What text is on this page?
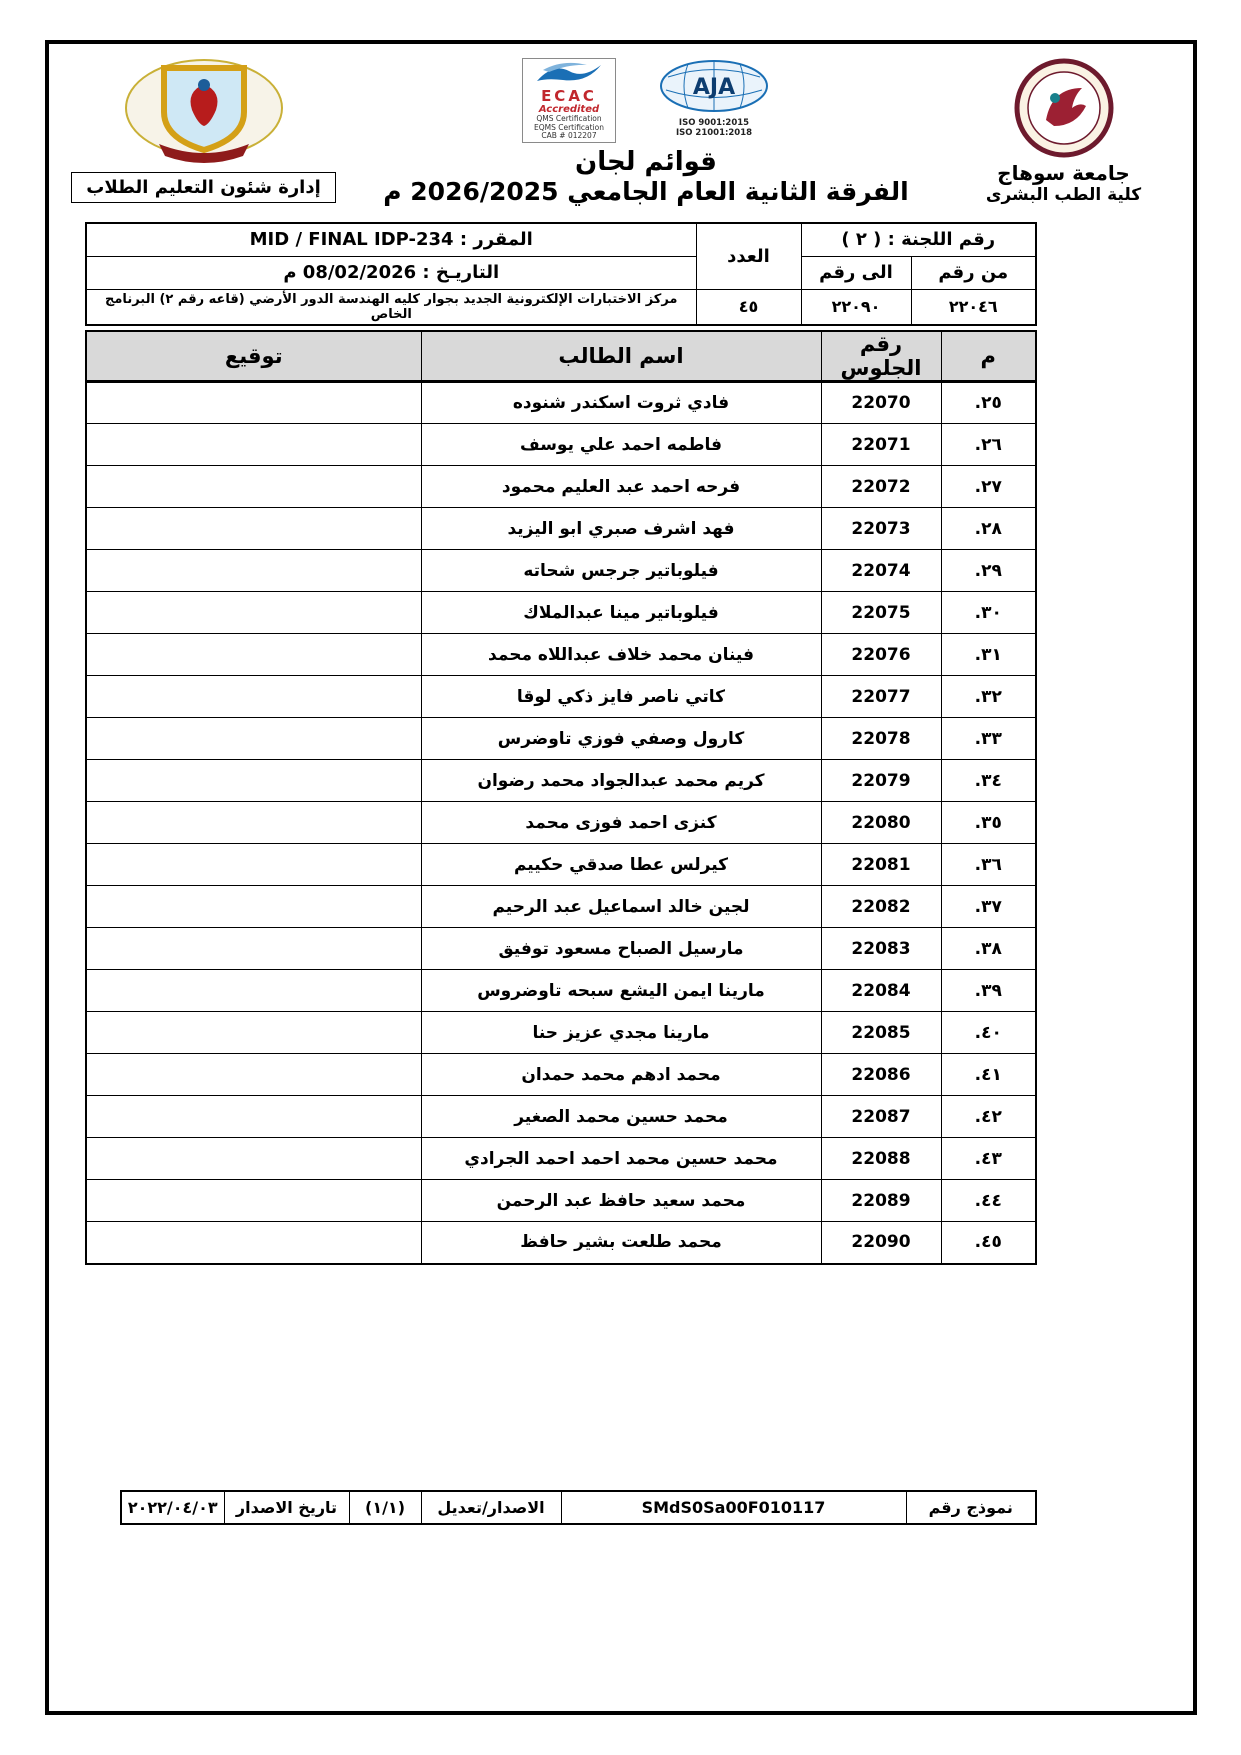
جامعة سوهاج
كلية الطب البشرى
ECAC
Accredited
QMS Certification
EQMS Certification
CAB # 012207
AJA
ISO 9001:2015
ISO 21001:2018
قوائم لجان
الفرقة الثانية العام الجامعي 2026/2025 م
إدارة شئون التعليم الطلاب
رقم اللجنة : ( ٢ )		العدد	المقرر : MID / FINAL IDP-234
من رقم	الى رقم		التاريـخ : 08/02/2026 م
٢٢٠٤٦	٢٢٠٩٠	٤٥	مركز الاختبارات الإلكترونية الجديد بجوار كليه الهندسة الدور الأرضي (قاعه رقم ٢) البرنامج الخاص
م	رقم الجلوس	اسم الطالب	توقيع
٢٥.	22070	فادي ثروت اسكندر شنوده	
٢٦.	22071	فاطمه احمد علي يوسف	
٢٧.	22072	فرحه احمد عبد العليم محمود	
٢٨.	22073	فهد اشرف صبري ابو اليزيد	
٢٩.	22074	فيلوباتير جرجس شحاته	
٣٠.	22075	فيلوباتير مينا عبدالملاك	
٣١.	22076	فينان محمد خلاف عبداللاه محمد	
٣٢.	22077	كاتي ناصر فايز ذكي لوقا	
٣٣.	22078	كارول وصفي فوزي تاوضرس	
٣٤.	22079	كريم محمد عبدالجواد محمد رضوان	
٣٥.	22080	كنزى احمد فوزى محمد	
٣٦.	22081	كيرلس عطا صدقي حكييم	
٣٧.	22082	لجين خالد اسماعيل عبد الرحيم	
٣٨.	22083	مارسيل الصباح مسعود توفيق	
٣٩.	22084	مارينا ايمن اليشع سبحه تاوضروس	
٤٠.	22085	مارينا مجدي عزيز حنا	
٤١.	22086	محمد ادهم محمد حمدان	
٤٢.	22087	محمد حسين محمد الصغير	
٤٣.	22088	محمد حسين محمد احمد احمد الجرادي	
٤٤.	22089	محمد سعيد حافظ عبد الرحمن	
٤٥.	22090	محمد طلعت بشير حافظ	
نموذج رقم	SMdS0Sa00F010117	الاصدار/تعديل	(١/١)	تاريخ الاصدار	٢٠٢٢/٠٤/٠٣
